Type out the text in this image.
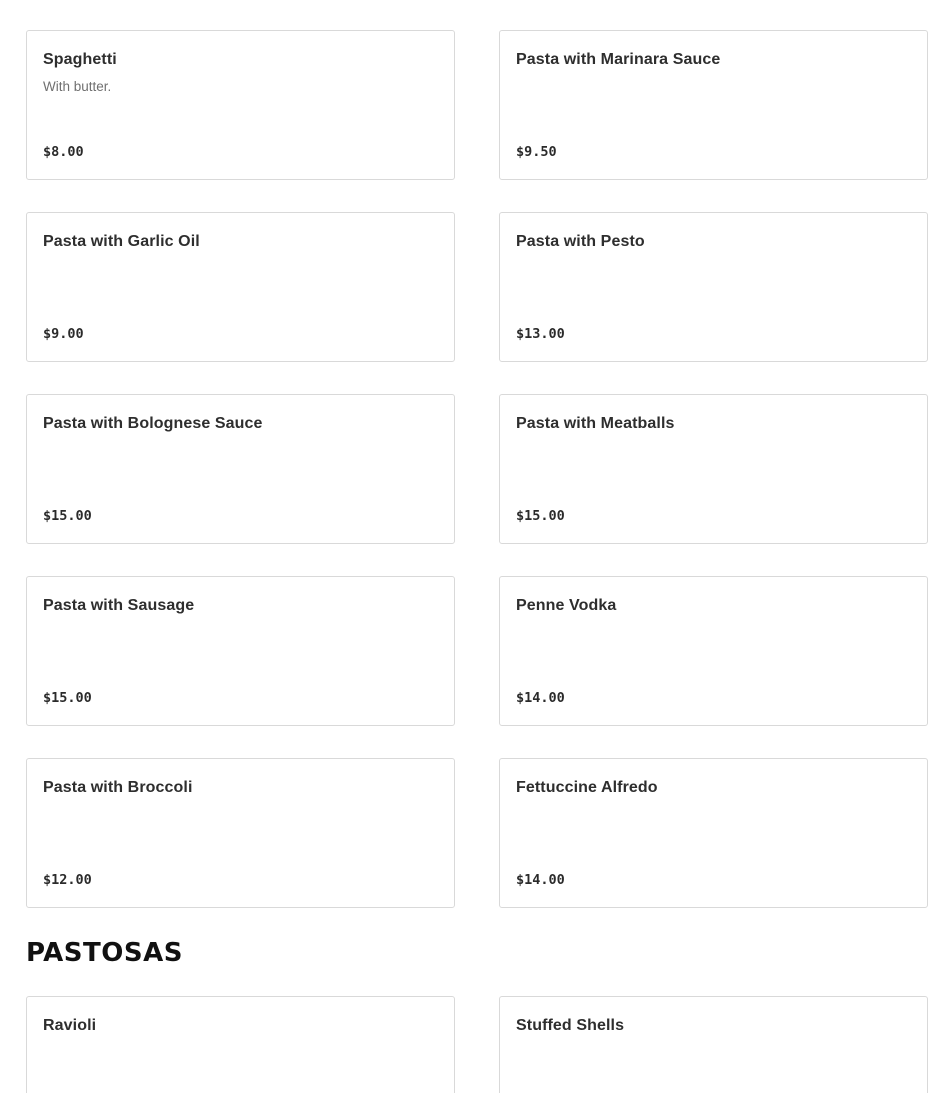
Spaghetti
With butter.
$8.00
Pasta with Marinara Sauce
$9.50
Pasta with Garlic Oil
$9.00
Pasta with Pesto
$13.00
Pasta with Bolognese Sauce
$15.00
Pasta with Meatballs
$15.00
Pasta with Sausage
$15.00
Penne Vodka
$14.00
Pasta with Broccoli
$12.00
Fettuccine Alfredo
$14.00
PASTOSAS
Ravioli	Stuffed Shells
